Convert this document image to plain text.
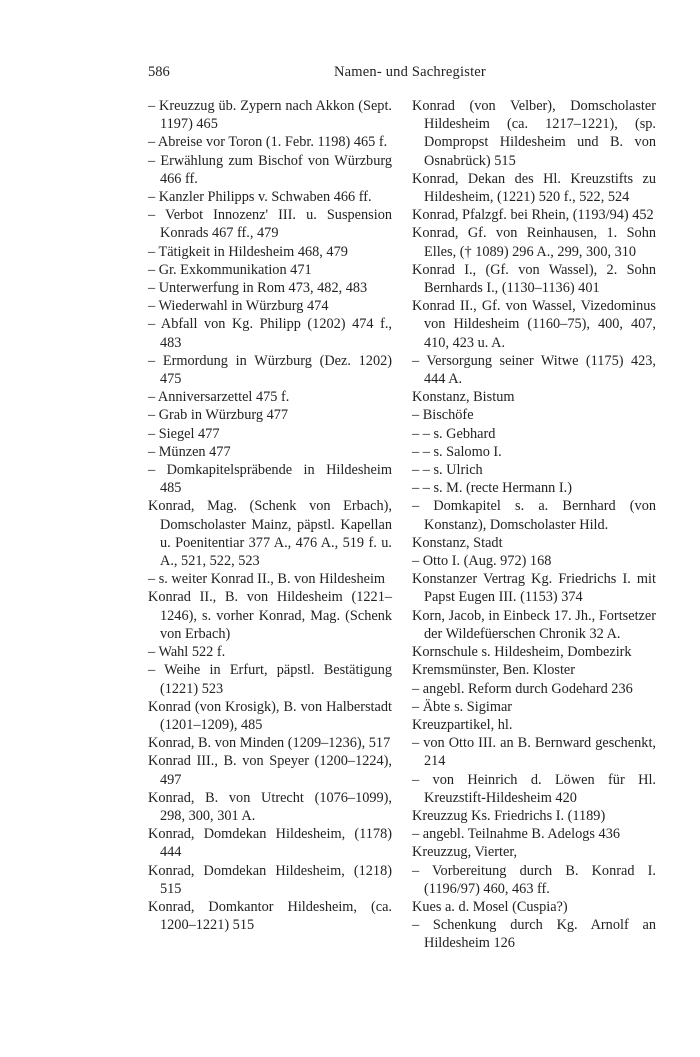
586	Namen- und Sachregister
– Kreuzzug üb. Zypern nach Akkon (Sept. 1197) 465
– Abreise vor Toron (1. Febr. 1198) 465 f.
– Erwählung zum Bischof von Würzburg 466 ff.
– Kanzler Philipps v. Schwaben 466 ff.
– Verbot Innozenz' III. u. Suspension Konrads 467 ff., 479
– Tätigkeit in Hildesheim 468, 479
– Gr. Exkommunikation 471
– Unterwerfung in Rom 473, 482, 483
– Wiederwahl in Würzburg 474
– Abfall von Kg. Philipp (1202) 474 f., 483
– Ermordung in Würzburg (Dez. 1202) 475
– Anniversarzettel 475 f.
– Grab in Würzburg 477
– Siegel 477
– Münzen 477
– Domkapitelspräbende in Hildesheim 485
Konrad, Mag. (Schenk von Erbach), Domscholaster Mainz, päpstl. Kapellan u. Poenitentiar 377 A., 476 A., 519 f. u. A., 521, 522, 523
– s. weiter Konrad II., B. von Hildesheim
Konrad II., B. von Hildesheim (1221–1246), s. vorher Konrad, Mag. (Schenk von Erbach)
– Wahl 522 f.
– Weihe in Erfurt, päpstl. Bestätigung (1221) 523
Konrad (von Krosigk), B. von Halberstadt (1201–1209), 485
Konrad, B. von Minden (1209–1236), 517
Konrad III., B. von Speyer (1200–1224), 497
Konrad, B. von Utrecht (1076–1099), 298, 300, 301 A.
Konrad, Domdekan Hildesheim, (1178) 444
Konrad, Domdekan Hildesheim, (1218) 515
Konrad, Domkantor Hildesheim, (ca. 1200–1221) 515
Konrad (von Velber), Domscholaster Hildesheim (ca. 1217–1221), (sp. Dompropst Hildesheim und B. von Osnabrück) 515
Konrad, Dekan des Hl. Kreuzstifts zu Hildesheim, (1221) 520 f., 522, 524
Konrad, Pfalzgf. bei Rhein, (1193/94) 452
Konrad, Gf. von Reinhausen, 1. Sohn Elles, († 1089) 296 A., 299, 300, 310
Konrad I., (Gf. von Wassel), 2. Sohn Bernhards I., (1130–1136) 401
Konrad II., Gf. von Wassel, Vizedominus von Hildesheim (1160–75), 400, 407, 410, 423 u. A.
– Versorgung seiner Witwe (1175) 423, 444 A.
Konstanz, Bistum
– Bischöfe
– – s. Gebhard
– – s. Salomo I.
– – s. Ulrich
– – s. M. (recte Hermann I.)
– Domkapitel s. a. Bernhard (von Konstanz), Domscholaster Hild.
Konstanz, Stadt
– Otto I. (Aug. 972) 168
Konstanzer Vertrag Kg. Friedrichs I. mit Papst Eugen III. (1153) 374
Korn, Jacob, in Einbeck 17. Jh., Fortsetzer der Wildefüerschen Chronik 32 A.
Kornschule s. Hildesheim, Dombezirk
Kremsmünster, Ben. Kloster
– angebl. Reform durch Godehard 236
– Äbte s. Sigimar
Kreuzpartikel, hl.
– von Otto III. an B. Bernward geschenkt, 214
– von Heinrich d. Löwen für Hl. Kreuzstift-Hildesheim 420
Kreuzzug Ks. Friedrichs I. (1189)
– angebl. Teilnahme B. Adelogs 436
Kreuzzug, Vierter,
– Vorbereitung durch B. Konrad I. (1196/97) 460, 463 ff.
Kues a. d. Mosel (Cuspia?)
– Schenkung durch Kg. Arnolf an Hildesheim 126
